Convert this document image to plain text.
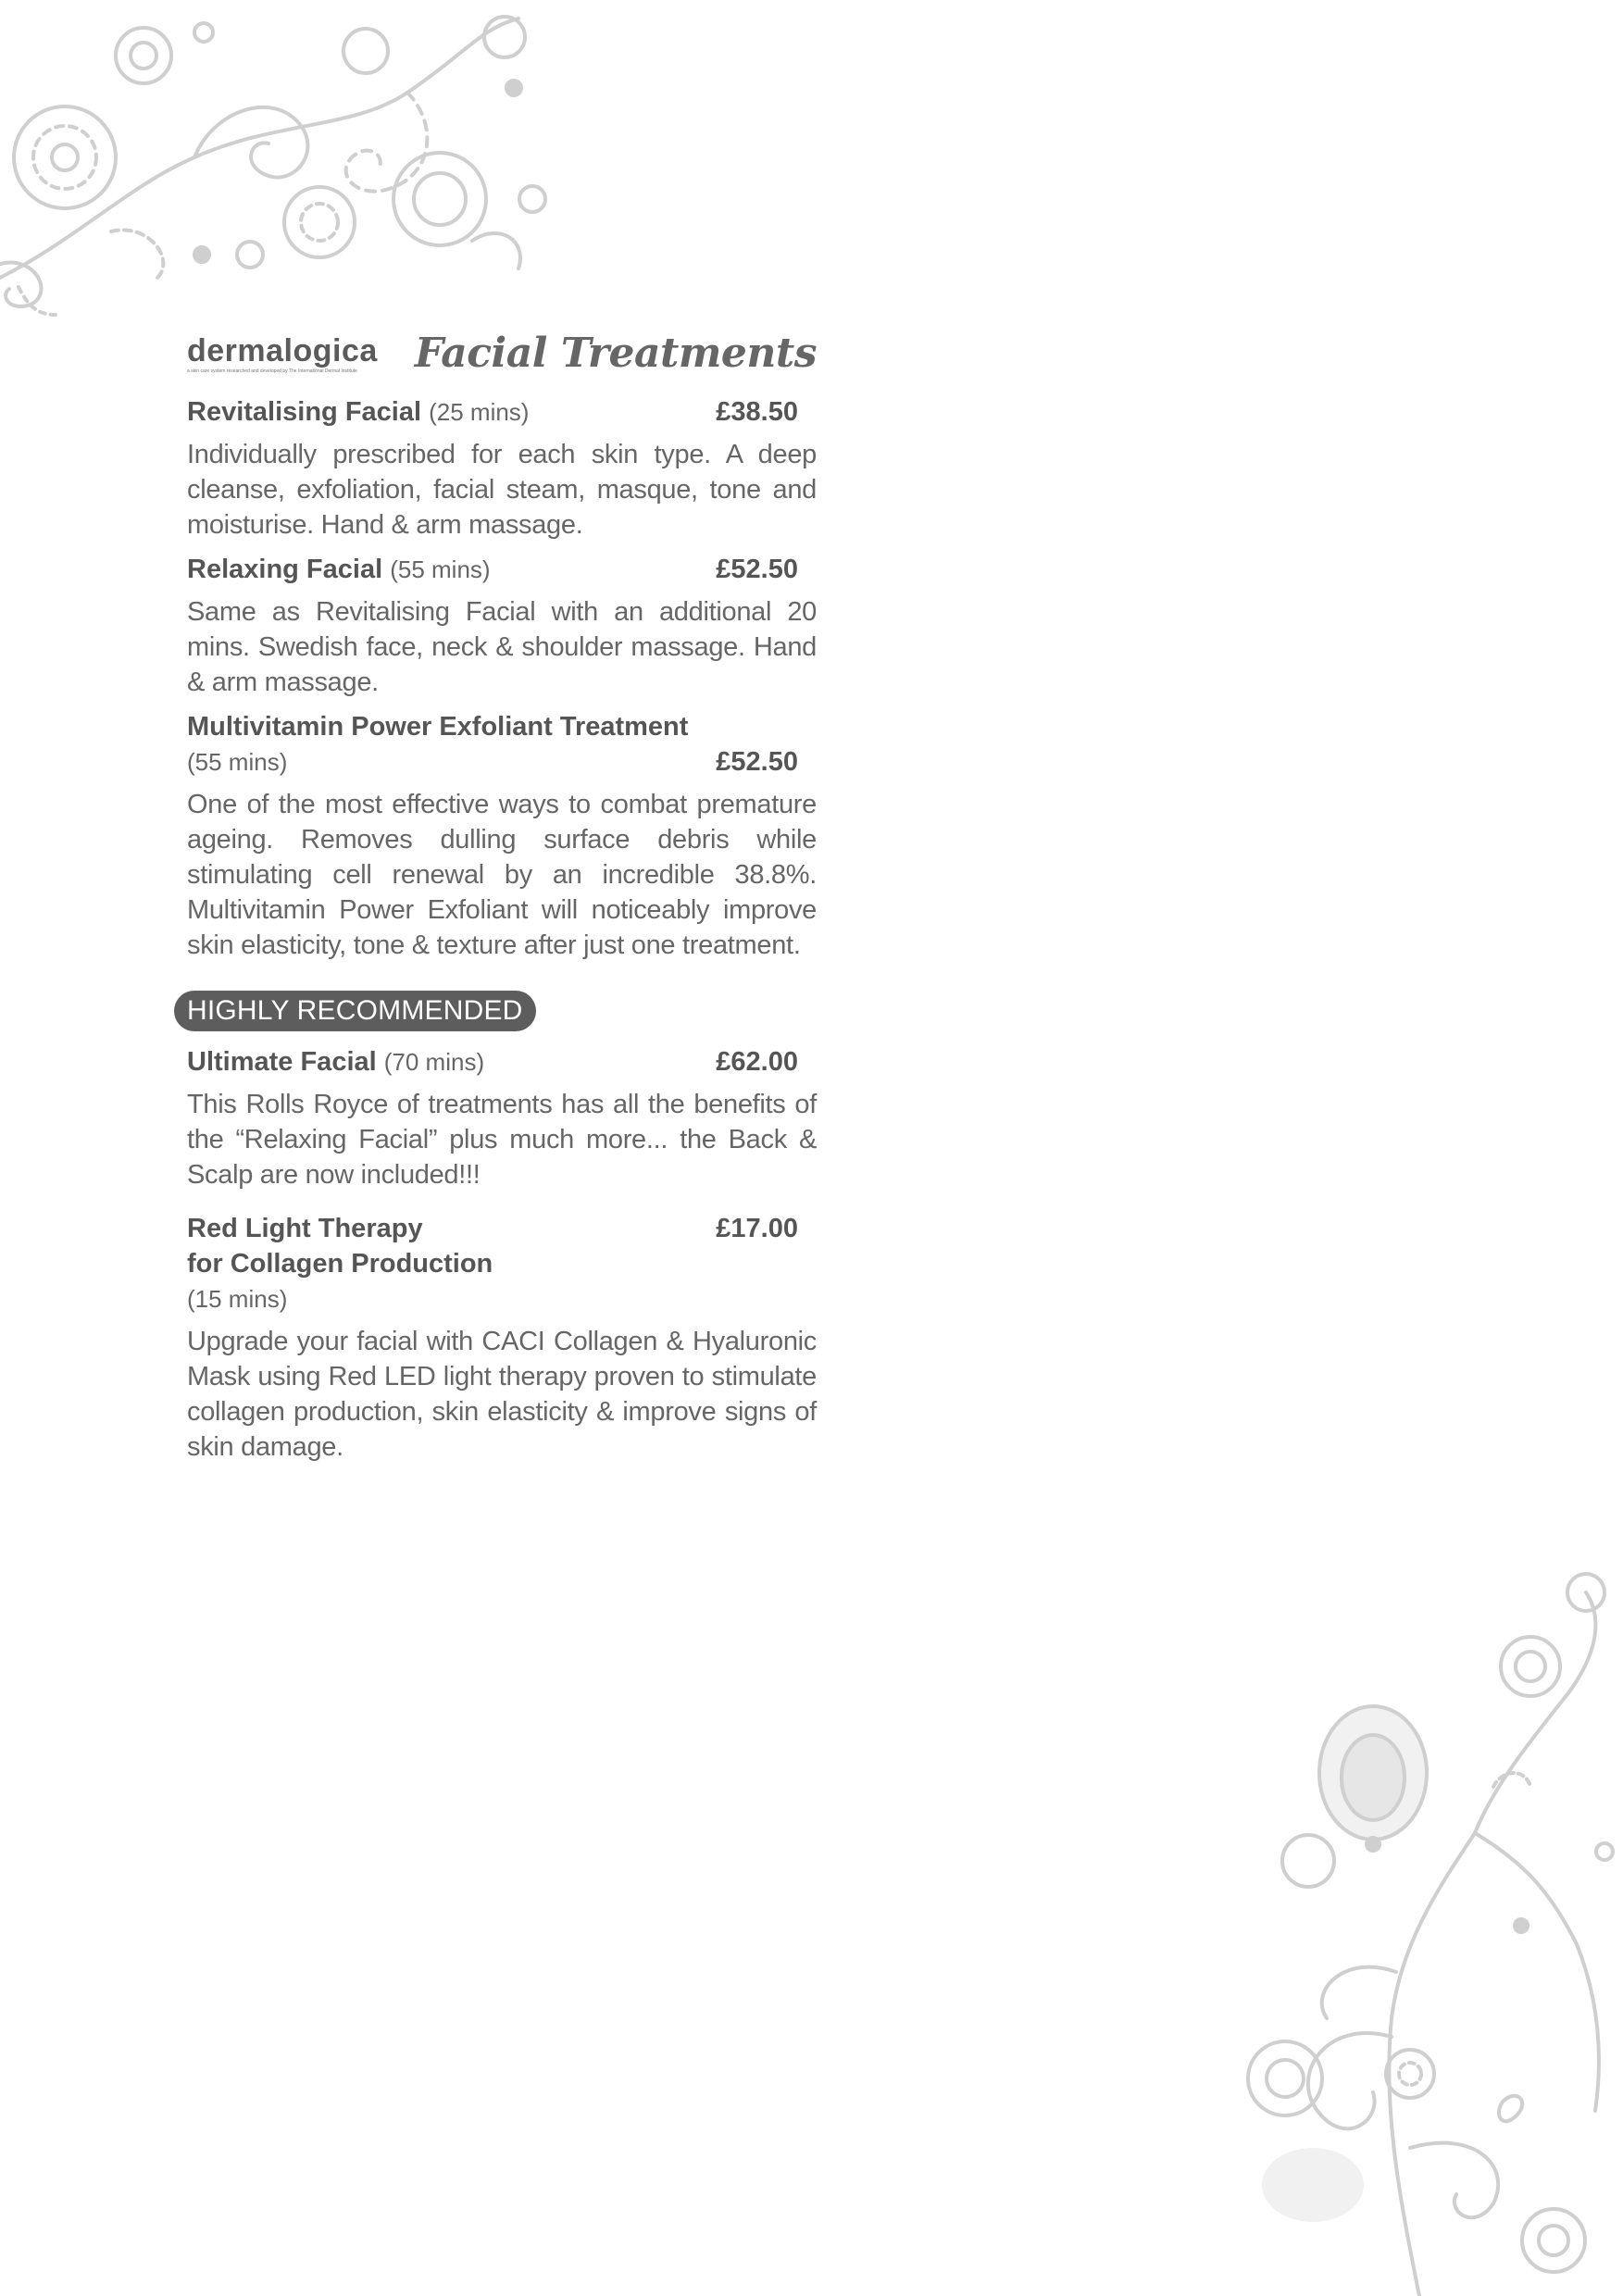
dermalogica
a skin care system researched and developed by The International Dermal Institute	Facial Treatments
Revitalising Facial (25 mins)	£38.50
Individually prescribed for each skin type. A deep cleanse, exfoliation, facial steam, masque, tone and moisturise. Hand & arm massage.
Relaxing Facial (55 mins)	£52.50
Same as Revitalising Facial with an additional 20 mins. Swedish face, neck & shoulder massage. Hand & arm massage.
Multivitamin Power Exfoliant Treatment
(55 mins)	£52.50
One of the most effective ways to combat premature ageing. Removes dulling surface debris while stimulating cell renewal by an incredible 38.8%. Multivitamin Power Exfoliant will noticeably improve skin elasticity, tone & texture after just one treatment.
HIGHLY RECOMMENDED
Ultimate Facial (70 mins)	£62.00
This Rolls Royce of treatments has all the benefits of the “Relaxing Facial” plus much more... the Back & Scalp are now included!!!
Red Light Therapy	£17.00
for Collagen Production
(15 mins)
Upgrade your facial with CACI Collagen & Hyaluronic Mask using Red LED light therapy proven to stimulate collagen production, skin elasticity & improve signs of skin damage.
